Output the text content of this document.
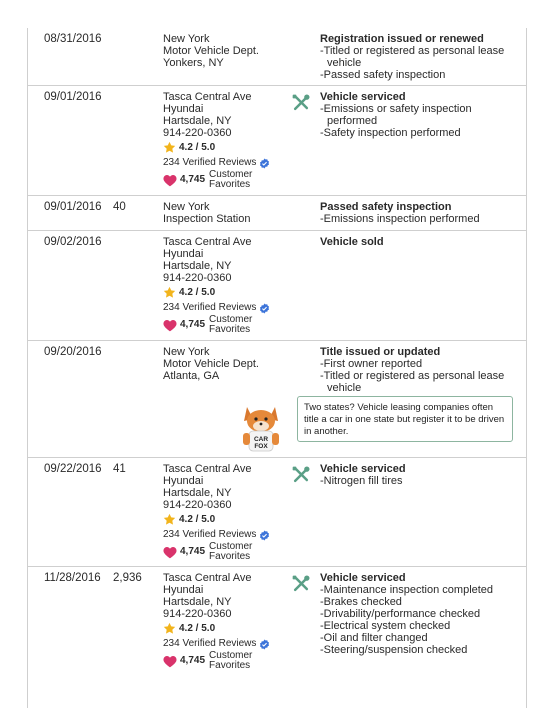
08/31/2016	New York
Motor Vehicle Dept.
Yonkers, NY
Registration issued or renewed
-Titled or registered as personal lease
vehicle
-Passed safety inspection
09/01/2016	Tasca Central Ave
Hyundai
Hartsdale, NY
914-220-0360
4.2 / 5.0
234 Verified Reviews
4,745 Customer
Favorites
Vehicle serviced
-Emissions or safety inspection
performed
-Safety inspection performed
09/01/2016 40	New York
Inspection Station
Passed safety inspection
-Emissions inspection performed
09/02/2016	Tasca Central Ave
Hyundai
Hartsdale, NY
914-220-0360
4.2 / 5.0
234 Verified Reviews
4,745 Customer
Favorites
Vehicle sold
09/20/2016	New York
Motor Vehicle Dept.
Atlanta, GA
Title issued or updated
-First owner reported
-Titled or registered as personal lease
vehicle
CAR
FOX
Two states? Vehicle leasing companies often title a car in one state but register it to be driven in another.
09/22/2016 41	Tasca Central Ave
Hyundai
Hartsdale, NY
914-220-0360
4.2 / 5.0
234 Verified Reviews
4,745 Customer
Favorites
Vehicle serviced
-Nitrogen fill tires
11/28/2016 2,936 Tasca Central Ave
Hyundai
Hartsdale, NY
914-220-0360
4.2 / 5.0
234 Verified Reviews
4,745 Customer
Favorites
Vehicle serviced
-Maintenance inspection completed
-Brakes checked
-Drivability/performance checked
-Electrical system checked
-Oil and filter changed
-Steering/suspension checked
